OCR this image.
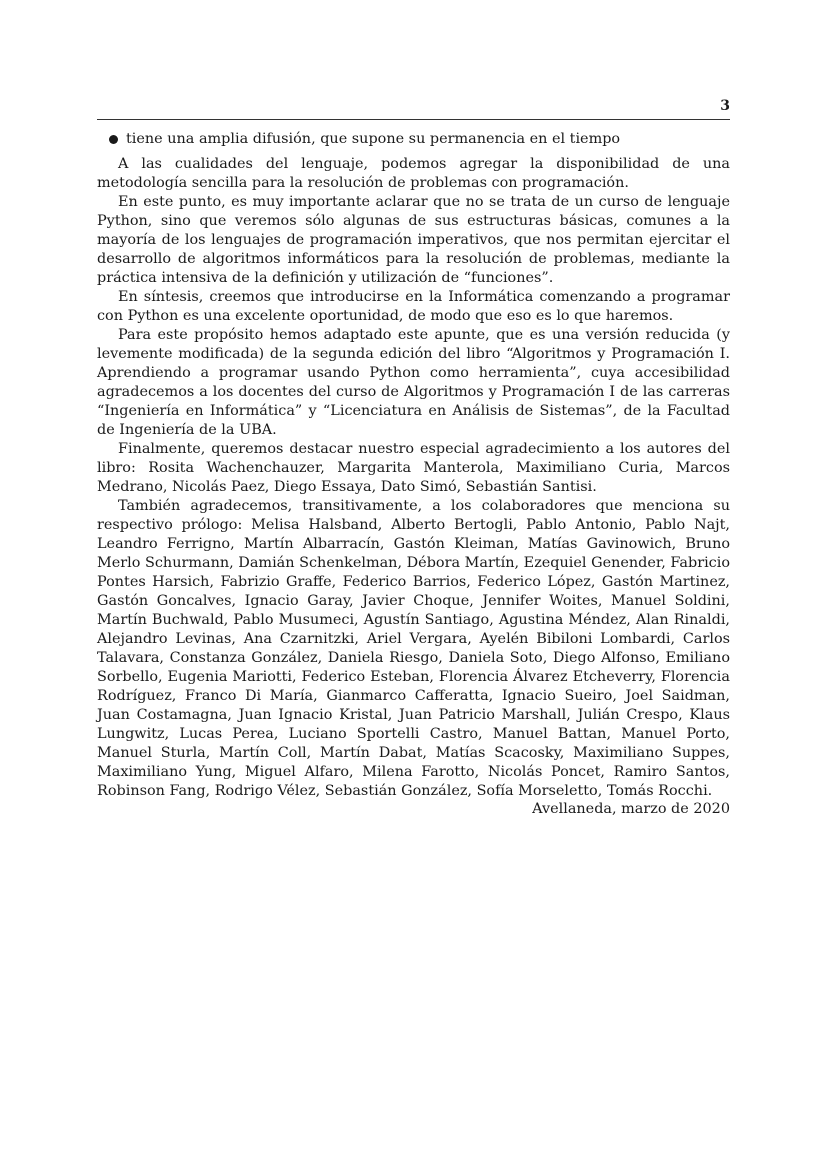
3
tiene una amplia difusión, que supone su permanencia en el tiempo

A las cualidades del lenguaje, podemos agregar la disponibilidad de una metodología sencilla para la resolución de problemas con programación.

En este punto, es muy importante aclarar que no se trata de un curso de lenguaje Python, sino que veremos sólo algunas de sus estructuras básicas, comunes a la mayoría de los lenguajes de programación imperativos, que nos permitan ejercitar el desarrollo de algoritmos informáticos para la resolución de problemas, mediante la práctica intensiva de la definición y utilización de “funciones”.

En síntesis, creemos que introducirse en la Informática comenzando a programar con Python es una excelente oportunidad, de modo que eso es lo que haremos.

Para este propósito hemos adaptado este apunte, que es una versión reducida (y levemente modificada) de la segunda edición del libro “Algoritmos y Programación I. Aprendiendo a programar usando Python como herramienta”, cuya accesibilidad agradecemos a los docentes del curso de Algoritmos y Programación I de las carreras “Ingeniería en Informática” y “Licenciatura en Análisis de Sistemas”, de la Facultad de Ingeniería de la UBA.

Finalmente, queremos destacar nuestro especial agradecimiento a los autores del libro: Rosita Wachenchauzer, Margarita Manterola, Maximiliano Curia, Marcos Medrano, Nicolás Paez, Diego Essaya, Dato Simó, Sebastián Santisi.

También agradecemos, transitivamente, a los colaboradores que menciona su respectivo prólogo: Melisa Halsband, Alberto Bertogli, Pablo Antonio, Pablo Najt, Leandro Ferrigno, Martín Albarracín, Gastón Kleiman, Matías Gavinowich, Bruno Merlo Schurmann, Damián Schenkelman, Débora Martín, Ezequiel Genender, Fabricio Pontes Harsich, Fabrizio Graffe, Federico Barrios, Federico López, Gastón Martinez, Gastón Goncalves, Ignacio Garay, Javier Choque, Jennifer Woites, Manuel Soldini, Martín Buchwald, Pablo Musumeci, Agustín Santiago, Agustina Méndez, Alan Rinaldi, Alejandro Levinas, Ana Czarnitzki, Ariel Vergara, Ayelén Bibiloni Lombardi, Carlos Talavara, Constanza González, Daniela Riesgo, Daniela Soto, Diego Alfonso, Emiliano Sorbello, Eugenia Mariotti, Federico Esteban, Florencia Álvarez Etcheverry, Florencia Rodríguez, Franco Di María, Gianmarco Cafferatta, Ignacio Sueiro, Joel Saidman, Juan Costamagna, Juan Ignacio Kristal, Juan Patricio Marshall, Julián Crespo, Klaus Lungwitz, Lucas Perea, Luciano Sportelli Castro, Manuel Battan, Manuel Porto, Manuel Sturla, Martín Coll, Martín Dabat, Matías Scacosky, Maximiliano Suppes, Maximiliano Yung, Miguel Alfaro, Milena Farotto, Nicolás Poncet, Ramiro Santos, Robinson Fang, Rodrigo Vélez, Sebastián González, Sofía Morseletto, Tomás Rocchi.

Avellaneda, marzo de 2020
